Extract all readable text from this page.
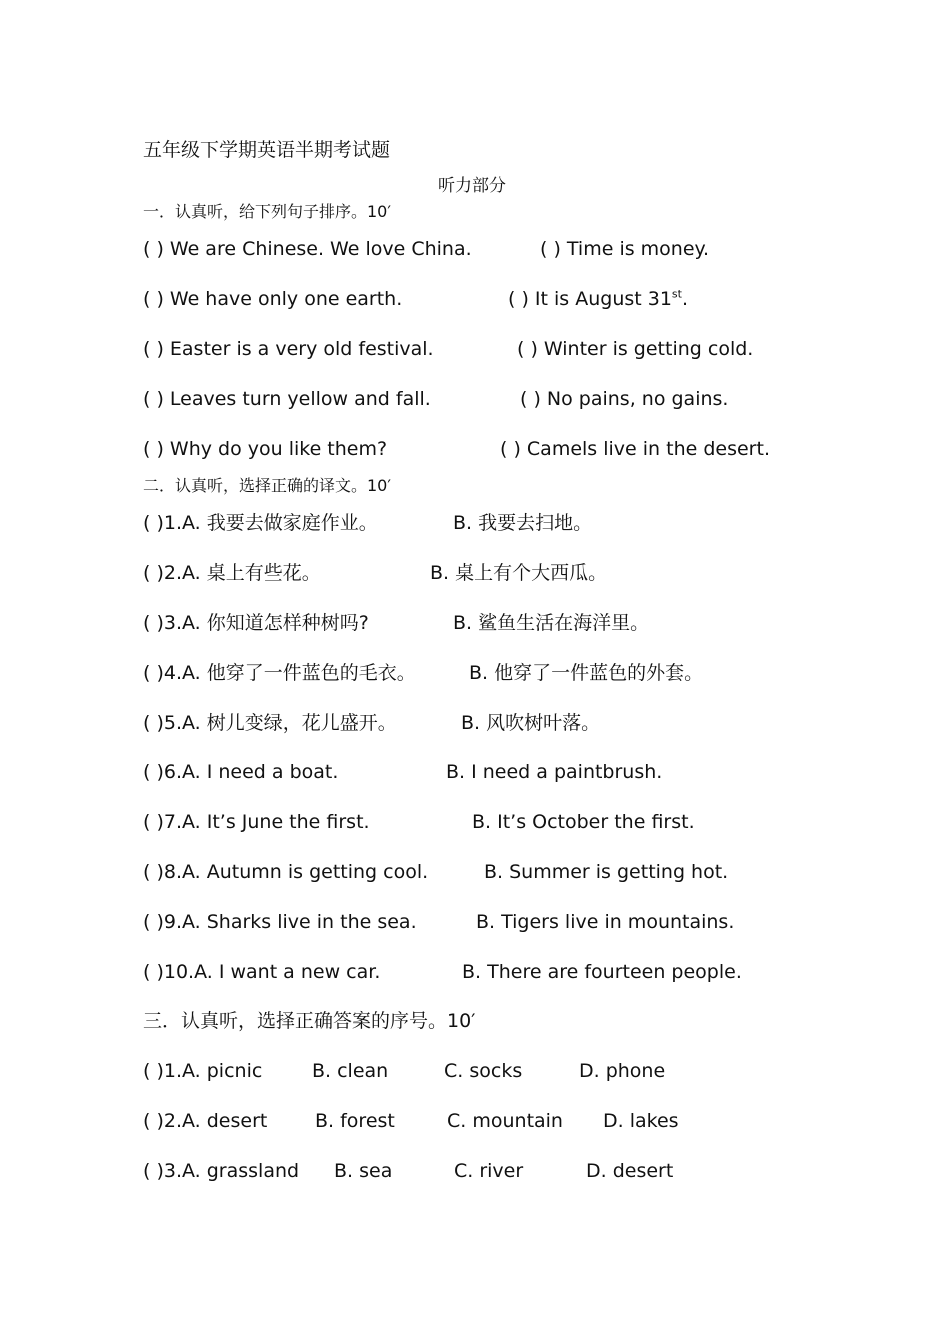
五年级下学期英语半期考试题
听力部分
一．认真听，给下列句子排序。10′
( ) We are Chinese. We love China.	( ) Time is money.
( ) We have only one earth.	( ) It is August 31st.
( ) Easter is a very old festival.	( ) Winter is getting cold.
( ) Leaves turn yellow and fall.	( ) No pains, no gains.
( ) Why do you like them?	( ) Camels live in the desert.
二．认真听，选择正确的译文。10′
( )1.A. 我要去做家庭作业。	B. 我要去扫地。
( )2.A. 桌上有些花。	B. 桌上有个大西瓜。
( )3.A. 你知道怎样种树吗?	B. 鲨鱼生活在海洋里。
( )4.A. 他穿了一件蓝色的毛衣。	B. 他穿了一件蓝色的外套。
( )5.A. 树儿变绿，花儿盛开。	B. 风吹树叶落。
( )6.A. I need a boat.	B. I need a paintbrush.
( )7.A. It’s June the first.	B. It’s October the first.
( )8.A. Autumn is getting cool.	B. Summer is getting hot.
( )9.A. Sharks live in the sea.	B. Tigers live in mountains.
( )10.A. I want a new car.	B. There are fourteen people.
三．认真听，选择正确答案的序号。10′
( )1.A. picnic	B. clean	C. socks	D. phone
( )2.A. desert	B. forest	C. mountain D. lakes
( )3.A. grassland B. sea	C. river	D. desert
